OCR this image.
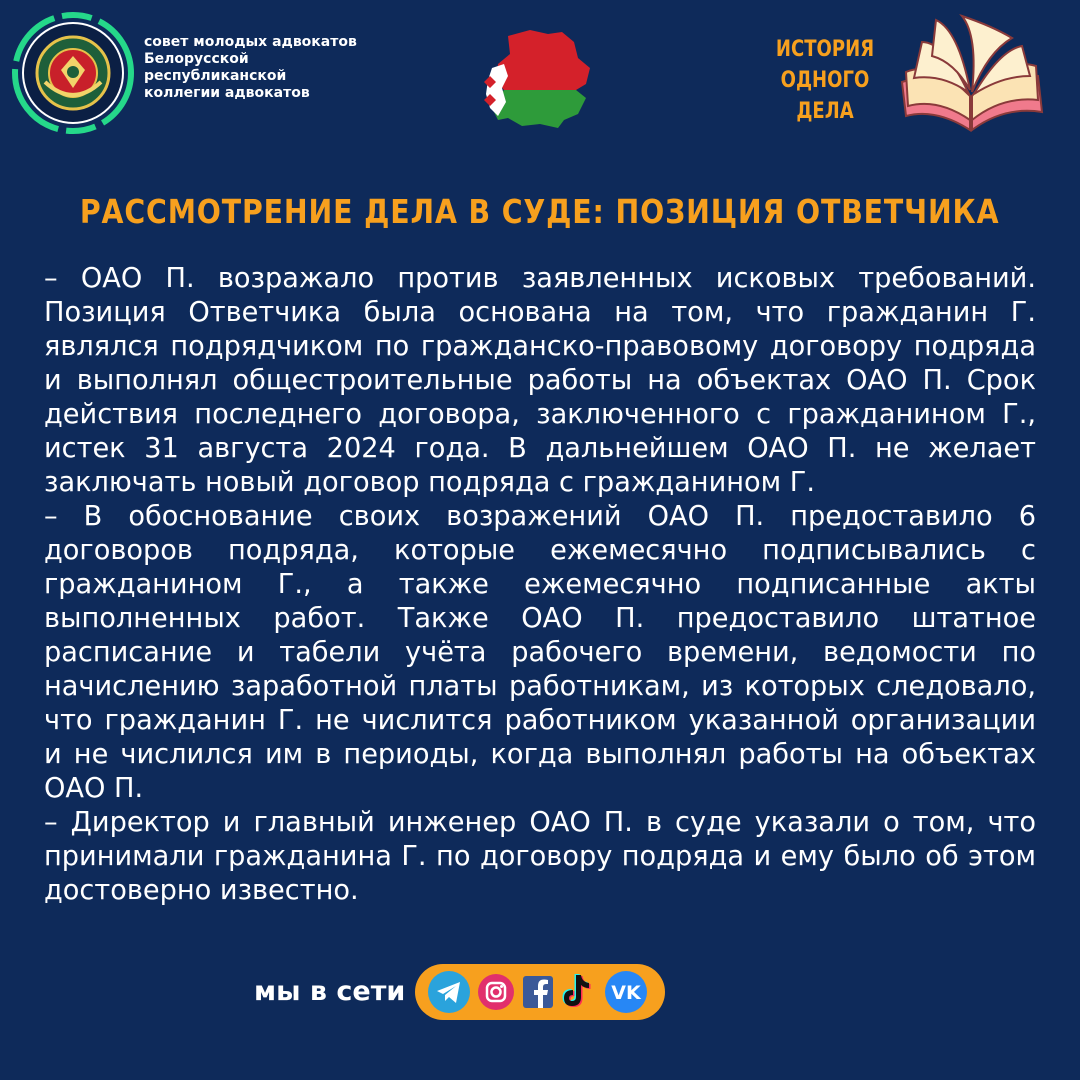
совет молодых адвокатов
Белорусской
республиканской
коллегии адвокатов
ИСТОРИЯ
ОДНОГО
ДЕЛА
РАССМОТРЕНИЕ ДЕЛА В СУДЕ: ПОЗИЦИЯ ОТВЕТЧИКА

– ОАО П. возражало против заявленных исковых требований. Позиция Ответчика была основана на том, что гражданин Г. являлся подрядчиком по гражданско-правовому договору подряда и выполнял общестроительные работы на объектах ОАО П. Срок действия последнего договора, заключенного с гражданином Г., истек 31 августа 2024 года. В дальнейшем ОАО П. не желает заключать новый договор подряда с гражданином Г.

– В обоснование своих возражений ОАО П. предоставило 6 договоров подряда, которые ежемесячно подписывались с гражданином Г., а также ежемесячно подписанные акты выполненных работ. Также ОАО П. предоставило штатное расписание и табели учёта рабочего времени, ведомости по начислению заработной платы работникам, из которых следовало, что гражданин Г. не числится работником указанной организации и не числился им в периоды, когда выполнял работы на объектах ОАО П.

– Директор и главный инженер ОАО П. в суде указали о том, что принимали гражданина Г. по договору подряда и ему было об этом достоверно известно.

мы в сети	VK
